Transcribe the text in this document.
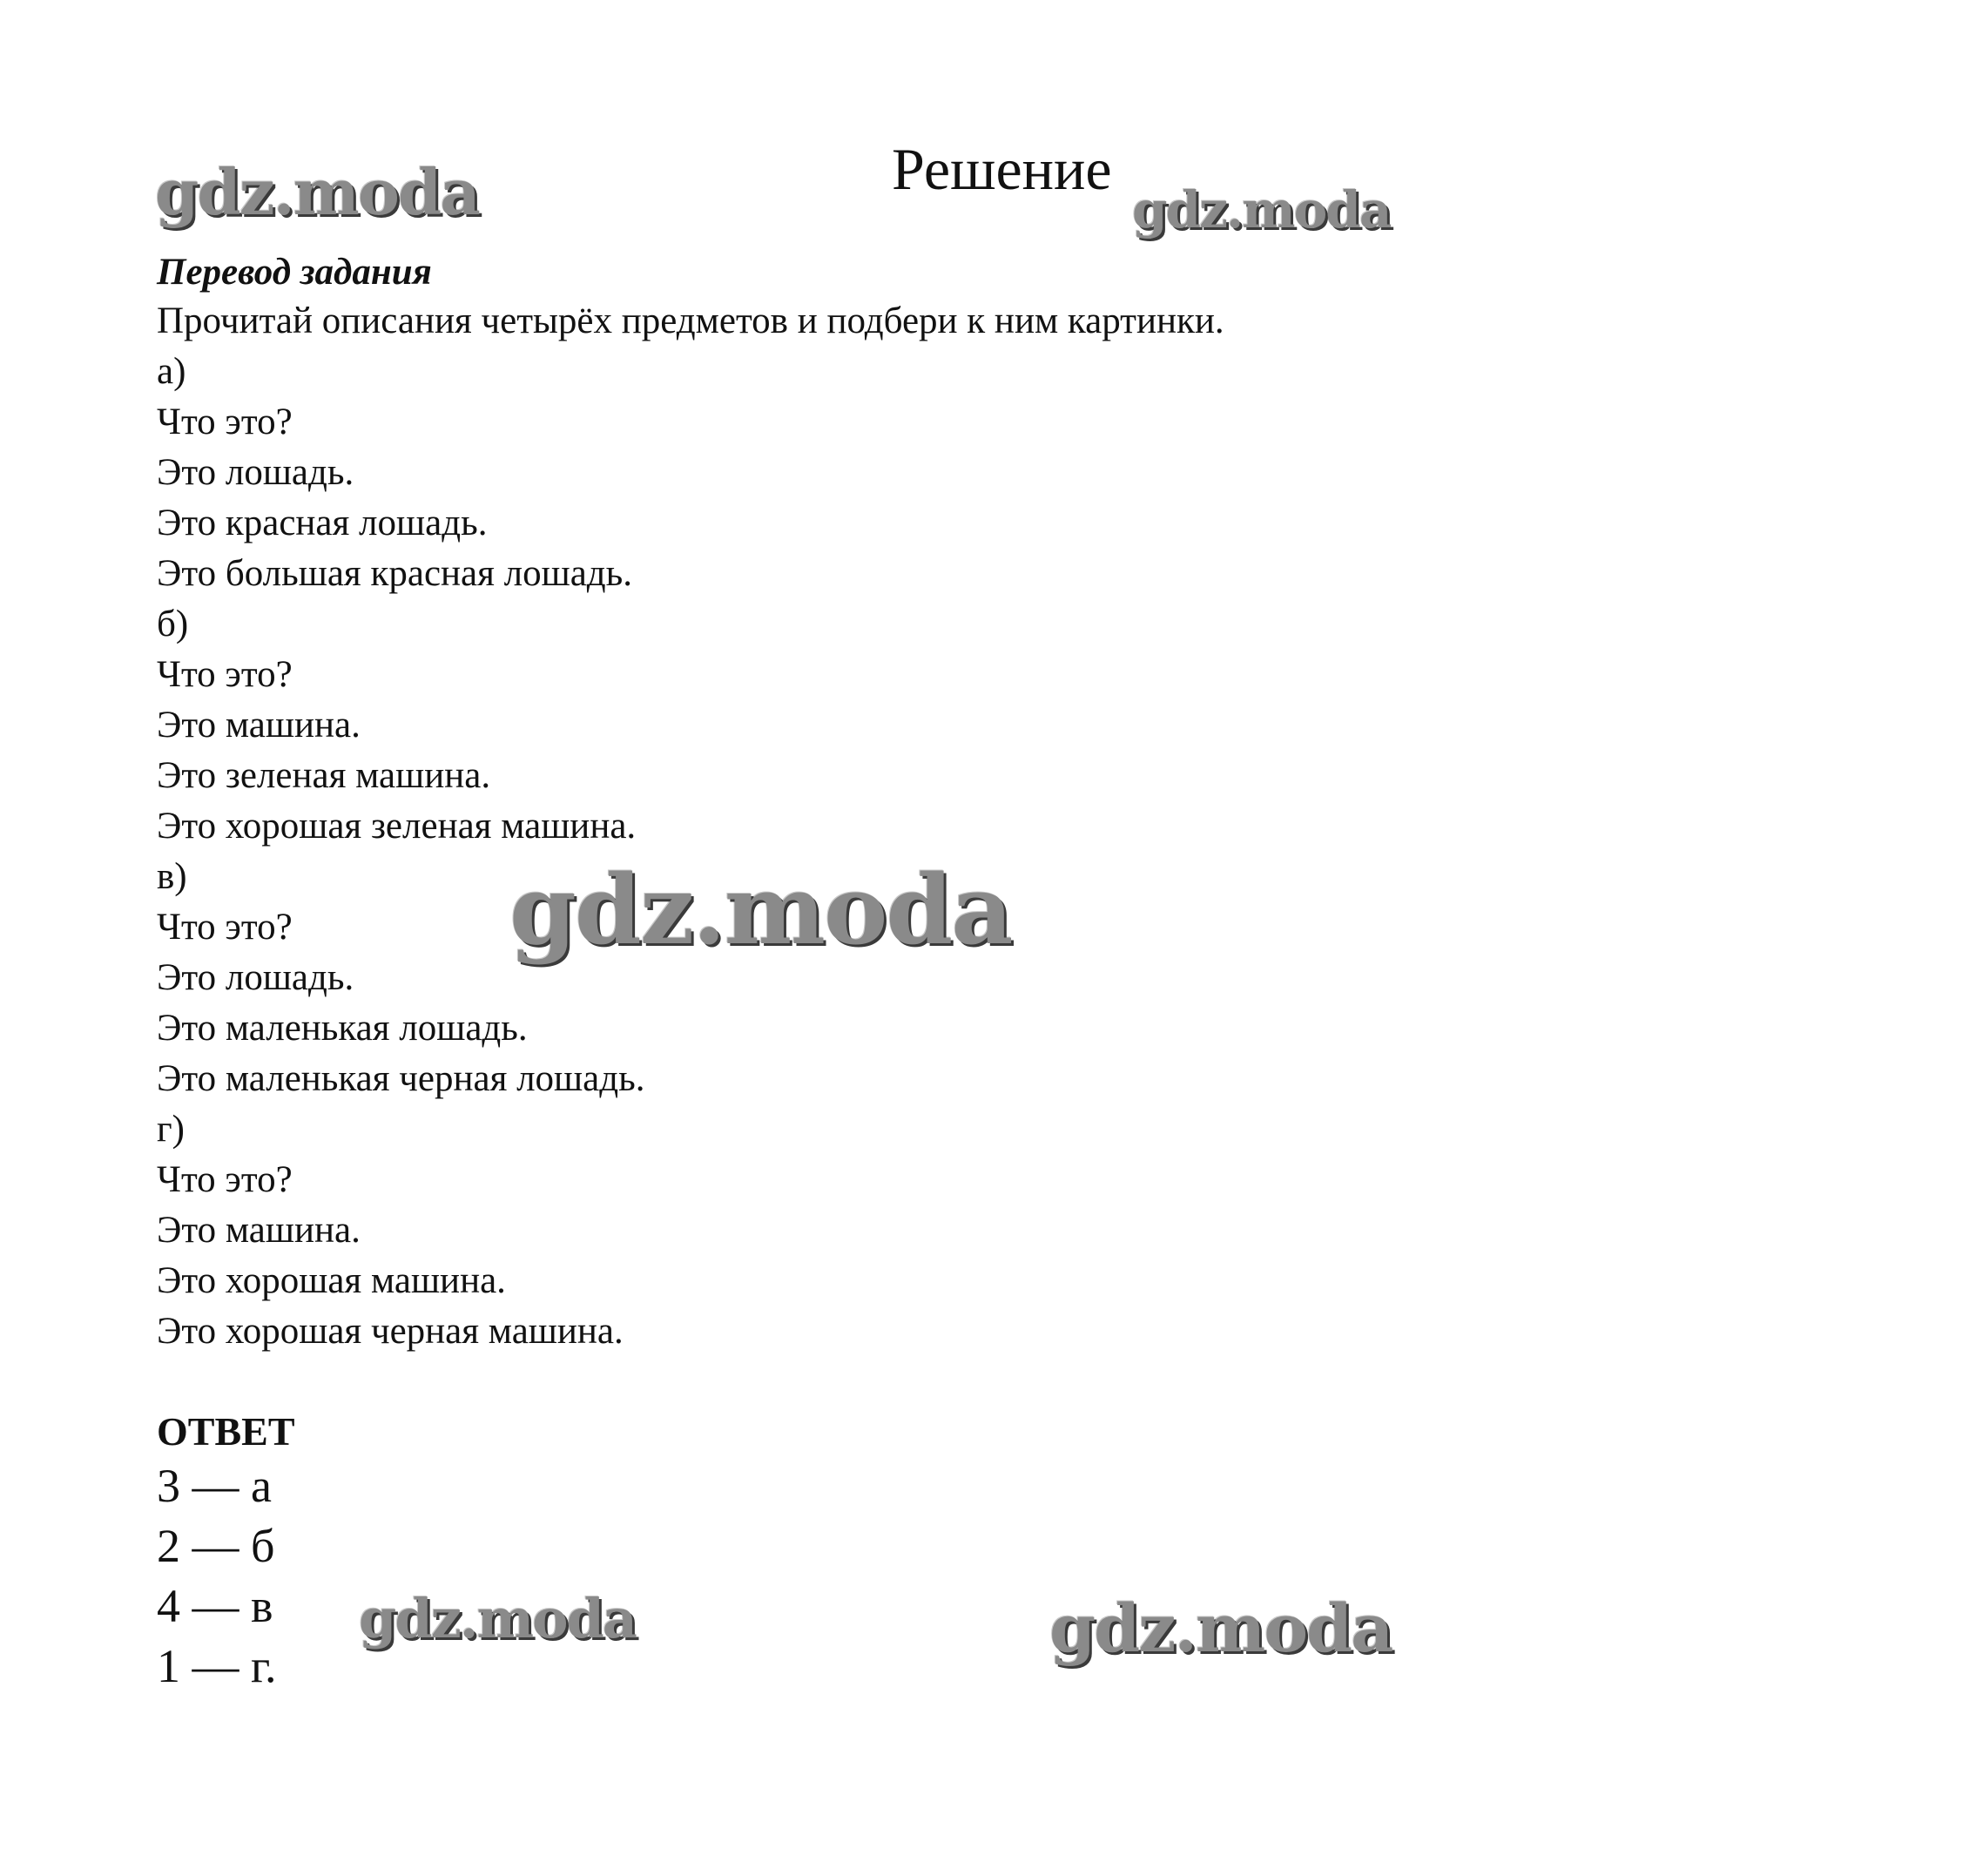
Решение
Перевод задания
Прочитай описания четырёх предметов и подбери к ним картинки.
а)
Что это?
Это лошадь.
Это красная лошадь.
Это большая красная лошадь.
б)
Что это?
Это машина.
Это зеленая машина.
Это хорошая зеленая машина.
в)
Что это?
Это лошадь.
Это маленькая лошадь.
Это маленькая черная лошадь.
г)
Что это?
Это машина.
Это хорошая машина.
Это хорошая черная машина.
ОТВЕТ
3 — а
2 — б
4 — в
1 — г.
gdz.moda	gdz.moda
gdz.moda
gdz.moda	gdz.moda
